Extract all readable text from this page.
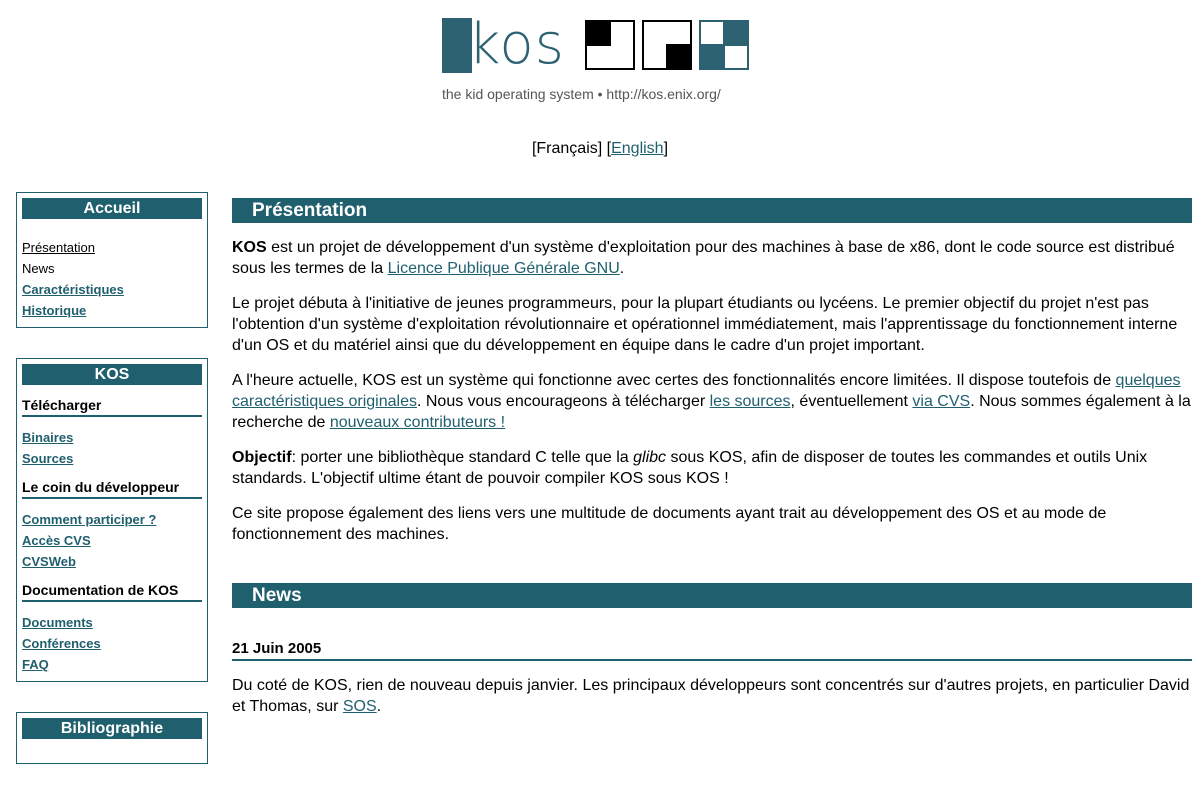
kos
the kid operating system • http://kos.enix.org/
[Français] [English]
Accueil
Présentation
News
Caractéristiques
Historique
KOS
Télécharger
Binaires
Sources
Le coin du développeur
Comment participer ?
Accès CVS
CVSWeb
Documentation de KOS
Documents
Conférences
FAQ
Bibliographie
Présentation

KOS est un projet de développement d'un système d'exploitation pour des machines à base de x86, dont le code source est distribué sous les termes de la Licence Publique Générale GNU.

Le projet débuta à l'initiative de jeunes programmeurs, pour la plupart étudiants ou lycéens. Le premier objectif du projet n'est pas l'obtention d'un système d'exploitation révolutionnaire et opérationnel immédiatement, mais l'apprentissage du fonctionnement interne d'un OS et du matériel ainsi que du développement en équipe dans le cadre d'un projet important.

A l'heure actuelle, KOS est un système qui fonctionne avec certes des fonctionnalités encore limitées. Il dispose toutefois de quelques caractéristiques originales. Nous vous encourageons à télécharger les sources, éventuellement via CVS. Nous sommes également à la recherche de nouveaux contributeurs !

Objectif: porter une bibliothèque standard C telle que la glibc sous KOS, afin de disposer de toutes les commandes et outils Unix standards. L'objectif ultime étant de pouvoir compiler KOS sous KOS !

Ce site propose également des liens vers une multitude de documents ayant trait au développement des OS et au mode de fonctionnement des machines.

News
21 Juin 2005

Du coté de KOS, rien de nouveau depuis janvier. Les principaux développeurs sont concentrés sur d'autres projets, en particulier David et Thomas, sur SOS.
